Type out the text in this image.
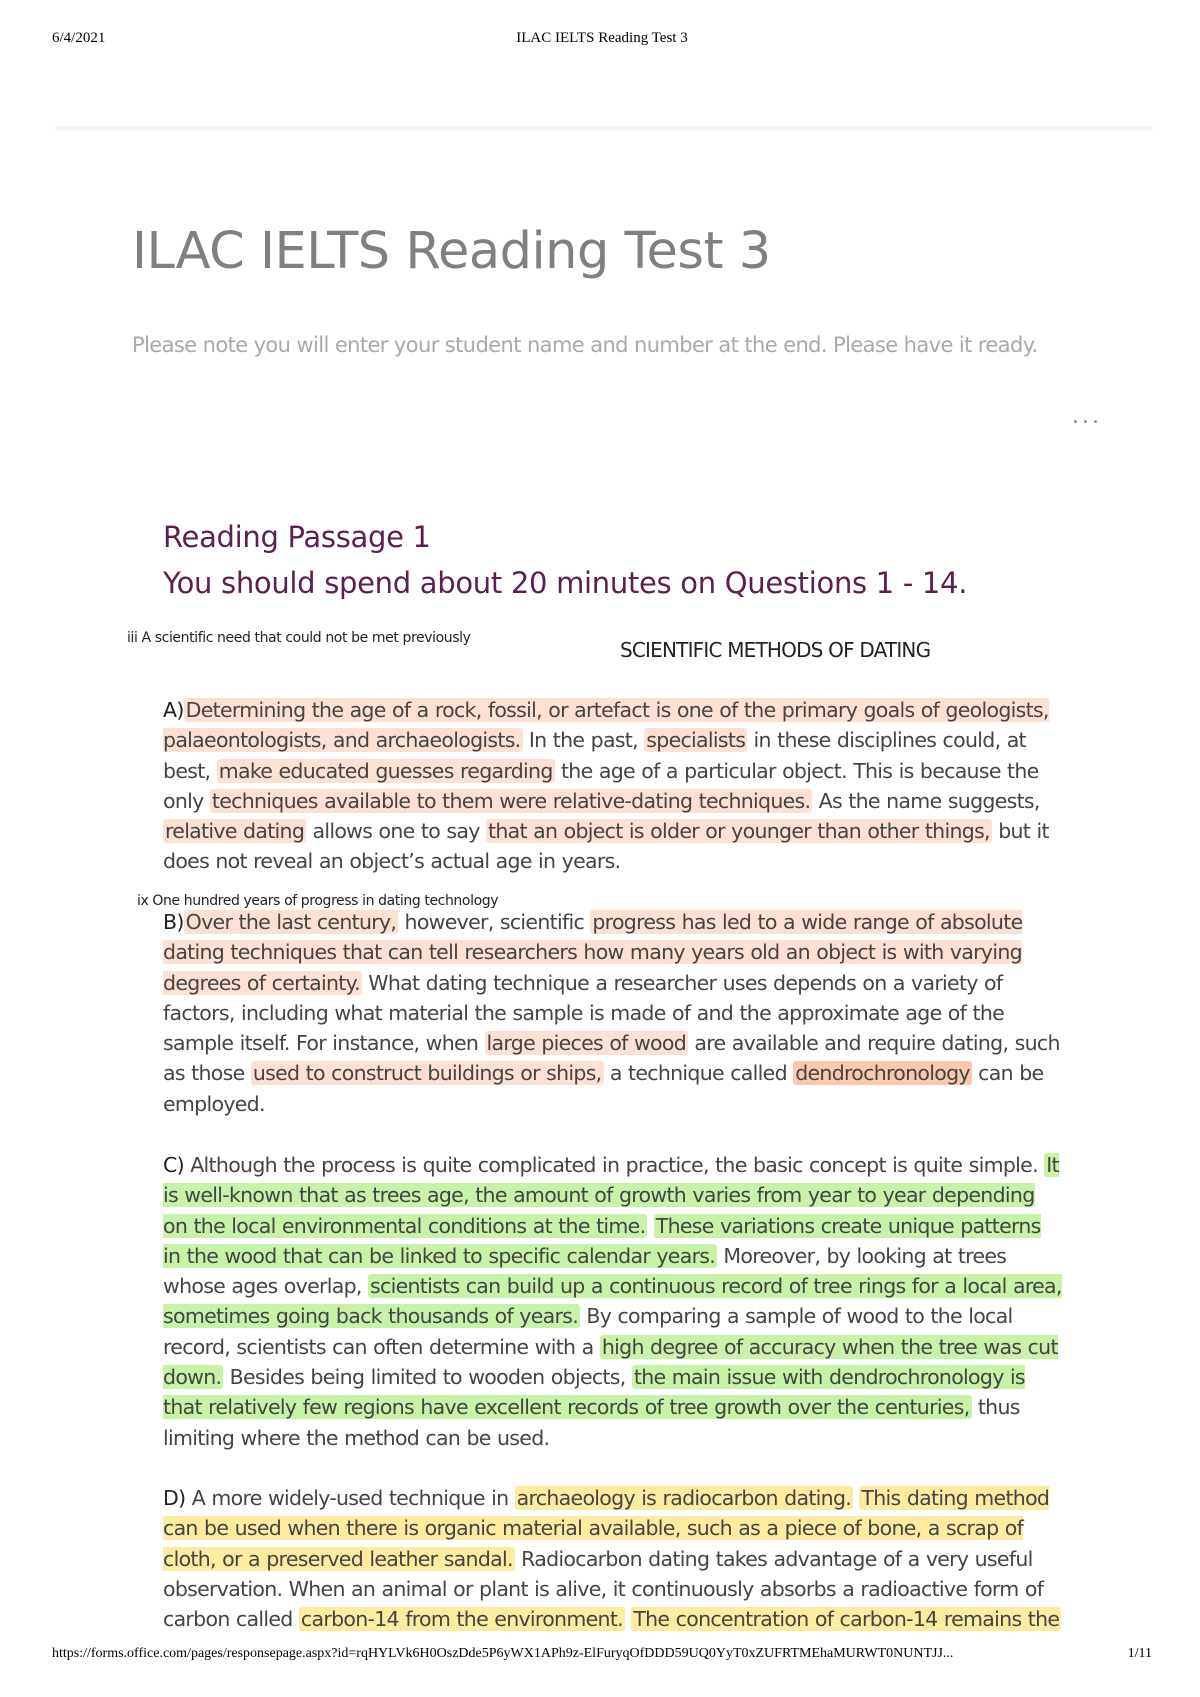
6/4/2021	ILAC IELTS Reading Test 3
ILAC IELTS Reading Test 3
Please note you will enter your student name and number at the end. Please have it ready.
...
Reading Passage 1
You should spend about 20 minutes on Questions 1 - 14.
iii A scientific need that could not be met previously	SCIENTIFIC METHODS OF DATING
A)Determining the age of a rock, fossil, or artefact is one of the primary goals of geologists, palaeontologists, and archaeologists. In the past, specialists in these disciplines could, at best, make educated guesses regarding the age of a particular object. This is because the only techniques available to them were relative-dating techniques. As the name suggests, relative dating allows one to say that an object is older or younger than other things, but it does not reveal an object’s actual age in years.
ix One hundred years of progress in dating technology
B)Over the last century, however, scientific progress has led to a wide range of absolute dating techniques that can tell researchers how many years old an object is with varying degrees of certainty. What dating technique a researcher uses depends on a variety of factors, including what material the sample is made of and the approximate age of the sample itself. For instance, when large pieces of wood are available and require dating, such as those used to construct buildings or ships, a technique called dendrochronology can be employed.
C) Although the process is quite complicated in practice, the basic concept is quite simple. It is well-known that as trees age, the amount of growth varies from year to year depending on the local environmental conditions at the time. These variations create unique patterns in the wood that can be linked to specific calendar years. Moreover, by looking at trees whose ages overlap, scientists can build up a continuous record of tree rings for a local area, sometimes going back thousands of years. By comparing a sample of wood to the local record, scientists can often determine with a high degree of accuracy when the tree was cut down. Besides being limited to wooden objects, the main issue with dendrochronology is that relatively few regions have excellent records of tree growth over the centuries, thus limiting where the method can be used.
D) A more widely-used technique in archaeology is radiocarbon dating. This dating method can be used when there is organic material available, such as a piece of bone, a scrap of cloth, or a preserved leather sandal. Radiocarbon dating takes advantage of a very useful observation. When an animal or plant is alive, it continuously absorbs a radioactive form of carbon called carbon-14 from the environment. The concentration of carbon-14 remains the
https://forms.office.com/pages/responsepage.aspx?id=rqHYLVk6H0OszDde5P6yWX1APh9z-ElFuryqOfDDD59UQ0YyT0xZUFRTMEhaMURWT0NUNTJJ...	1/11
